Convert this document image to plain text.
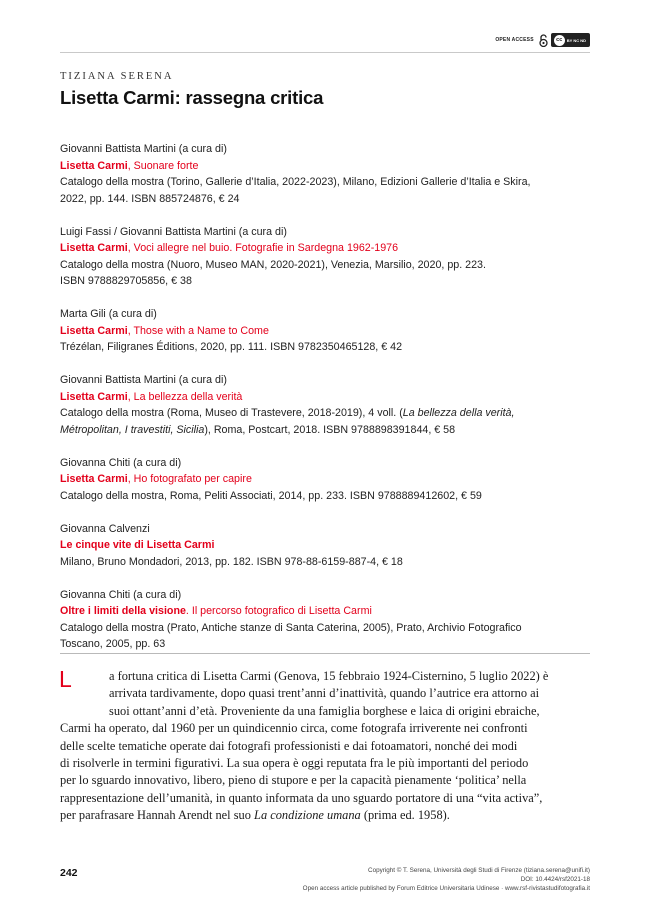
OPEN ACCESS	cc	BY NC ND
TIZIANA SERENA
Lisetta Carmi: rassegna critica
Giovanni Battista Martini (a cura di)
Lisetta Carmi, Suonare forte
Catalogo della mostra (Torino, Gallerie d’Italia, 2022-2023), Milano, Edizioni Gallerie d’Italia e Skira,
2022, pp. 144. ISBN 885724876, € 24
Luigi Fassi / Giovanni Battista Martini (a cura di)
Lisetta Carmi, Voci allegre nel buio. Fotografie in Sardegna 1962-1976
Catalogo della mostra (Nuoro, Museo MAN, 2020-2021), Venezia, Marsilio, 2020, pp. 223.
ISBN 9788829705856, € 38
Marta Gili (a cura di)
Lisetta Carmi, Those with a Name to Come
Trézélan, Filigranes Éditions, 2020, pp. 111. ISBN 9782350465128, € 42
Giovanni Battista Martini (a cura di)
Lisetta Carmi, La bellezza della verità
Catalogo della mostra (Roma, Museo di Trastevere, 2018-2019), 4 voll. (La bellezza della verità,
Métropolitan, I travestiti, Sicilia), Roma, Postcart, 2018. ISBN 9788898391844, € 58
Giovanna Chiti (a cura di)
Lisetta Carmi, Ho fotografato per capire
Catalogo della mostra, Roma, Peliti Associati, 2014, pp. 233. ISBN 9788889412602, € 59
Giovanna Calvenzi
Le cinque vite di Lisetta Carmi
Milano, Bruno Mondadori, 2013, pp. 182. ISBN 978-88-6159-887-4, € 18
Giovanna Chiti (a cura di)
Oltre i limiti della visione. Il percorso fotografico di Lisetta Carmi
Catalogo della mostra (Prato, Antiche stanze di Santa Caterina, 2005), Prato, Archivio Fotografico
Toscano, 2005, pp. 63
L	a fortuna critica di Lisetta Carmi (Genova, 15 febbraio 1924-Cisternino, 5 luglio 2022) è
arrivata tardivamente, dopo quasi trent’anni d’inattività, quando l’autrice era attorno ai
suoi ottant’anni d’età. Proveniente da una famiglia borghese e laica di origini ebraiche,
Carmi ha operato, dal 1960 per un quindicennio circa, come fotografa irriverente nei confronti
delle scelte tematiche operate dai fotografi professionisti e dai fotoamatori, nonché dei modi
di risolverle in termini figurativi. La sua opera è oggi reputata fra le più importanti del periodo
per lo sguardo innovativo, libero, pieno di stupore e per la capacità pienamente ‘politica’ nella
rappresentazione dell’umanità, in quanto informata da uno sguardo portatore di una “vita activa”,
per parafrasare Hannah Arendt nel suo La condizione umana (prima ed. 1958).
242	Copyright © T. Serena, Università degli Studi di Firenze (tiziana.serena@unifi.it)
DOI: 10.4424/rsf2021-18
Open access article published by Forum Editrice Universitaria Udinese · www.rsf-rivistastudifotografia.it
